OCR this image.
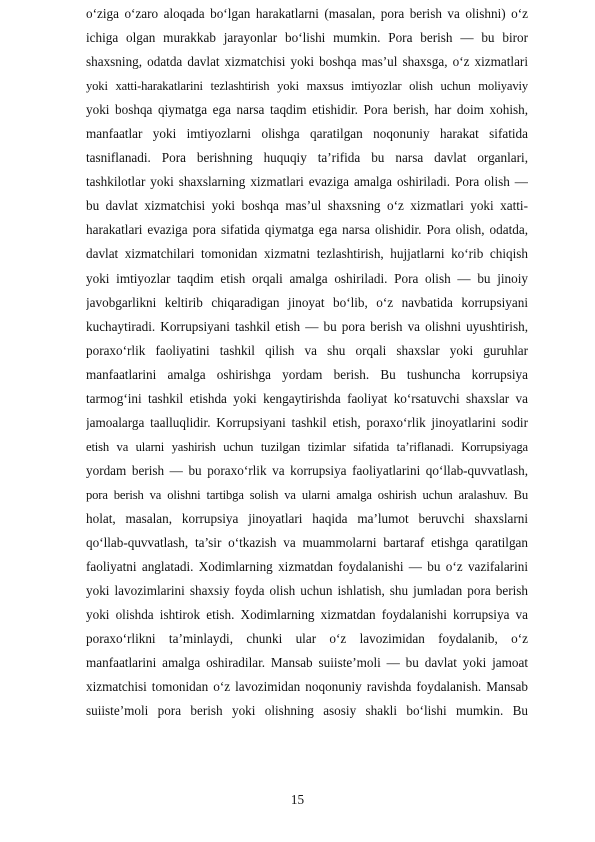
o‘ziga o‘zaro aloqada bo‘lgan harakatlarni (masalan, pora berish va olishni) o‘z
ichiga olgan murakkab jarayonlar bo‘lishi mumkin. Pora berish — bu biror
shaxsning, odatda davlat xizmatchisi yoki boshqa mas’ul shaxsga, o‘z xizmatlari
yoki xatti-harakatlarini tezlashtirish yoki maxsus imtiyozlar olish uchun moliyaviy
yoki boshqa qiymatga ega narsa taqdim etishidir. Pora berish, har doim xohish,
manfaatlar yoki imtiyozlarni olishga qaratilgan noqonuniy harakat sifatida
tasniflanadi. Pora berishning huquqiy ta’rifida bu narsa davlat organlari,
tashkilotlar yoki shaxslarning xizmatlari evaziga amalga oshiriladi. Pora olish —
bu davlat xizmatchisi yoki boshqa mas’ul shaxsning o‘z xizmatlari yoki xatti-
harakatlari evaziga pora sifatida qiymatga ega narsa olishidir. Pora olish, odatda,
davlat xizmatchilari tomonidan xizmatni tezlashtirish, hujjatlarni ko‘rib chiqish
yoki imtiyozlar taqdim etish orqali amalga oshiriladi. Pora olish — bu jinoiy
javobgarlikni keltirib chiqaradigan jinoyat bo‘lib, o‘z navbatida korrupsiyani
kuchaytiradi. Korrupsiyani tashkil etish — bu pora berish va olishni uyushtirish,
poraxo‘rlik faoliyatini tashkil qilish va shu orqali shaxslar yoki guruhlar
manfaatlarini amalga oshirishga yordam berish. Bu tushuncha korrupsiya
tarmog‘ini tashkil etishda yoki kengaytirishda faoliyat ko‘rsatuvchi shaxslar va
jamoalarga taalluqlidir. Korrupsiyani tashkil etish, poraxo‘rlik jinoyatlarini sodir
etish va ularni yashirish uchun tuzilgan tizimlar sifatida ta’riflanadi. Korrupsiyaga
yordam berish — bu poraxo‘rlik va korrupsiya faoliyatlarini qo‘llab-quvvatlash,
pora berish va olishni tartibga solish va ularni amalga oshirish uchun aralashuv. Bu
holat, masalan, korrupsiya jinoyatlari haqida ma’lumot beruvchi shaxslarni
qo‘llab-quvvatlash, ta’sir o‘tkazish va muammolarni bartaraf etishga qaratilgan
faoliyatni anglatadi. Xodimlarning xizmatdan foydalanishi — bu o‘z vazifalarini
yoki lavozimlarini shaxsiy foyda olish uchun ishlatish, shu jumladan pora berish
yoki olishda ishtirok etish. Xodimlarning xizmatdan foydalanishi korrupsiya va
poraxo‘rlikni ta’minlaydi, chunki ular o‘z lavozimidan foydalanib, o‘z
manfaatlarini amalga oshiradilar. Mansab suiiste’moli — bu davlat yoki jamoat
xizmatchisi tomonidan o‘z lavozimidan noqonuniy ravishda foydalanish. Mansab
suiiste’moli pora berish yoki olishning asosiy shakli bo‘lishi mumkin. Bu
15
